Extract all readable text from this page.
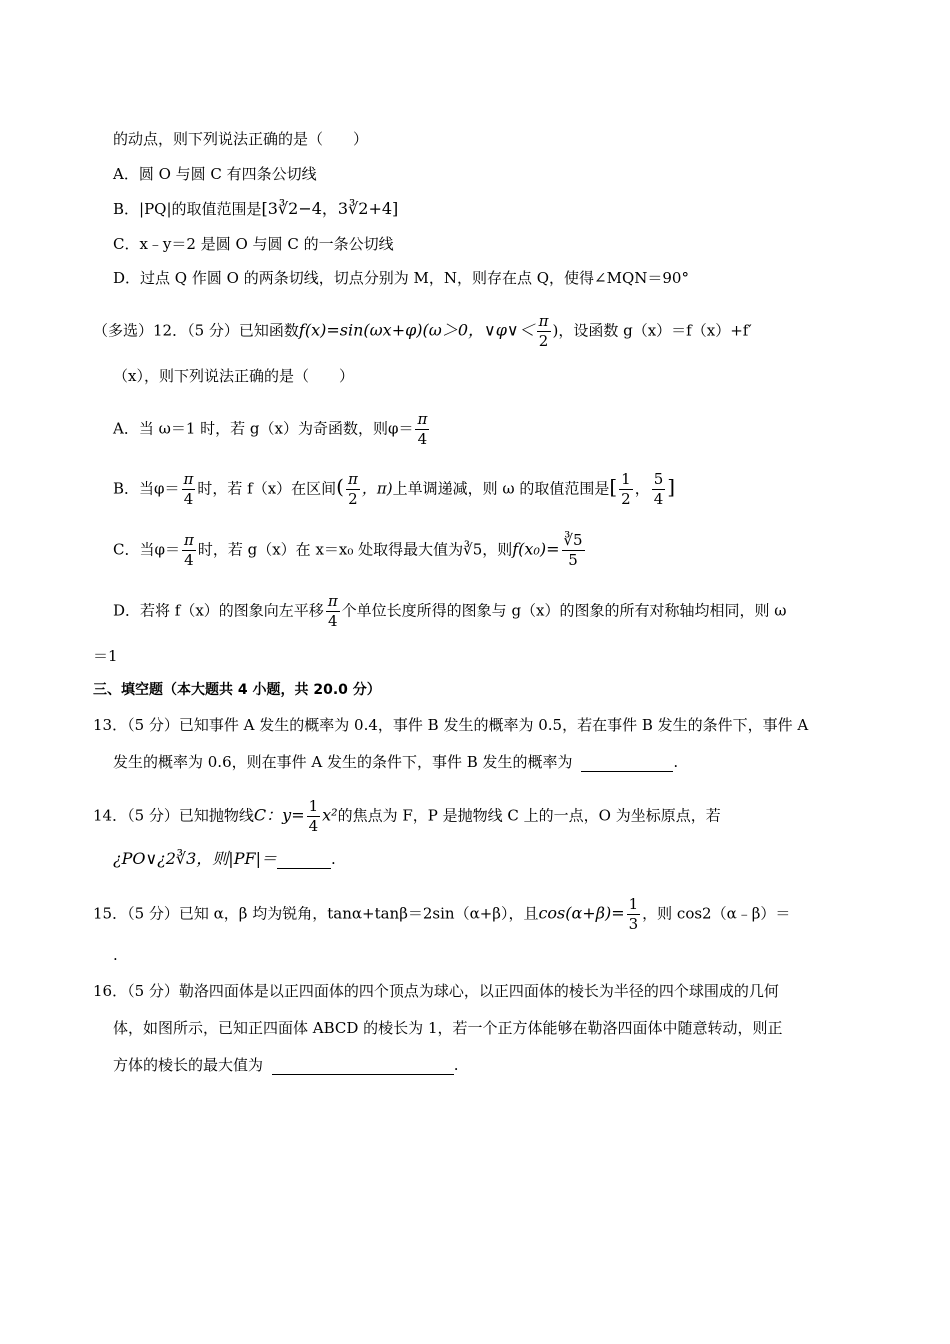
的动点，则下列说法正确的是（　　）
A．圆 O 与圆 C 有四条公切线
B．|PQ|的取值范围是[3∛2−4，3∛2+4]
C．x﹣y＝2 是圆 O 与圆 C 的一条公切线
D．过点 Q 作圆 O 的两条切线，切点分别为 M，N，则存在点 Q，使得∠MQN＝90°
（多选）12．（5 分）已知函数f(x)=sin(ωx+φ)(ω＞0，∨φ∨＜ $\frac{\pi}{2}$ )，设函数 g（x）＝f（x）+f′
（x），则下列说法正确的是（　　）
A．当 ω＝1 时，若 g（x）为奇函数，则$\varphi= \frac{\pi}{4}$
B．当$\varphi= \frac{\pi}{4}$ 时，若 f（x）在区间( $\frac{\pi}{2}$ ，π)上单调递减，则 ω 的取值范围是[ $\frac{1}{2}$ ， $\frac{5}{4}$ ]
C．当$\varphi= \frac{\pi}{4}$ 时，若 g（x）在 x＝x₀ 处取得最大值为∛5，则$f(x_0)= \frac{∛5}{5}$
D．若将 f（x）的图象向左平移 $\frac{\pi}{4}$ 个单位长度所得的图象与 g（x）的图象的所有对称轴均相同，则 ω
＝1
三、填空题（本大题共 4 小题，共 20.0 分）
13．（5 分）已知事件 A 发生的概率为 0.4，事件 B 发生的概率为 0.5，若在事件 B 发生的条件下，事件 A
发生的概率为 0.6，则在事件 A 发生的条件下，事件 B 发生的概率为	.
14．（5 分）已知抛物线C：$y= \frac{1}{4} x^2$的焦点为 F，P 是抛物线 C 上的一点，O 为坐标原点，若
¿PO∨¿2∛3，则|PF|＝	.
15．（5 分）已知 α，β 均为锐角，tanα+tanβ＝2sin（α+β），且$\cos(\alpha+\beta)= \frac{1}{3}$ ，则 cos2（α﹣β）＝
.
16．（5 分）勒洛四面体是以正四面体的四个顶点为球心，以正四面体的棱长为半径的四个球围成的几何
体，如图所示，已知正四面体 ABCD 的棱长为 1，若一个正方体能够在勒洛四面体中随意转动，则正
方体的棱长的最大值为	.
